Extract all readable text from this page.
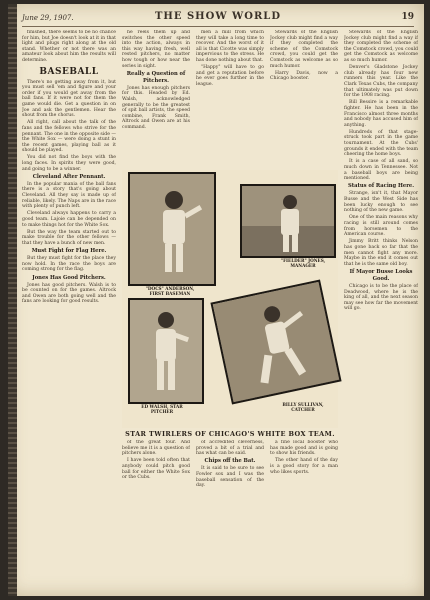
June 29, 1907.	THE SHOW WORLD	19

finished, there seems to be no chance for him, but Joe doesn't look at it in that light and plugs right along at the old stand. Whether or not there was an amateur look about him the results will determine.

BASEBALL

There's no getting away from it, but you must sell 'em and figure and your order if you would get away from the ball fans. If it were not for them the game would die. Get a question in on Joe and ask the gentlemen. Hear the shout from the chorus.

All right, call about the talk of the fans and the fellows who strive for the pennant. The one in the opposite side — the White Sox — were doing a stunt in the recent games, playing ball as it should be played.

You did not find the boys with the long faces. In spirits they were good, and going to be a winner.

Cleveland After Pennant.

In the popular mania of the ball fans there is a story that's going about Cleveland. All they say is made up of reliable, likely. The Naps are in the race with plenty of punch left.

Cleveland always happens to carry a good team. Lajoie can be depended on to make things hot for the White Sox.

But the way the team started out to make trouble for the other fellows — that they have a bunch of new men.

Must Fight for Flag Here.

But they must fight for the place they now hold. In the race the boys are coming strong for the flag.

Jones Has Good Pitchers.

Jones has good pitchers. Walsh is to be counted on for the games. Altrock and Owen are both going well and the fans are looking for good results.

he reels them up and switches the other speed into the action, always in this way having fresh, well rested pitchers, no matter how tough or how near the series in sight.

Really a Question of Pitchers.

Jones has enough pitchers for this. Headed by Ed. Walsh, acknowledged generally to be the greatest of spit ball artists, the speed combine, Frank Smith, Altrock and Owen are at his command.

men a mill from which they will take a long time to recover. And the worst of it all is that Cicotte was simply impervious to the stress. He has done nothing about that.

"Happy" will have to go and get a reputation before he ever goes further in the league.

Stewards of the English Jockey club might find a way if they completed the scheme of the Comstock crowd, you could get the Comstock as welcome as so much humor.

Harry Davis, now a Chicago booster.

"DOCS" ANDERSON, FIRST BASEMAN
"FIELDER" JONES, MANAGER
ED WALSH, STAR PITCHER
BILLY SULLIVAN, CATCHER
STAR TWIRLERS OF CHICAGO'S WHITE BOX TEAM.

of the great four. And believe me it is a question of pitchers alone.

I have been told often that anybody could pitch good ball for either the White Sox or the Cubs.

of accredited cleverness, proved a bit of a trial and has what can be said.

Chips off the Bat.

It is said to be sure to see Fowler sox and I was the baseball sensation of the day.

a fine local booster who has made good and is going to show his friends.

The other hand of the day is a good story for a man who likes sports.

Stewards of the English Jockey club might find a way if they completed the scheme of the Comstock crowd, you could get the Comstock as welcome as so much humor.

Denver's Gladstone Jockey club already has four new runners this year. Like the Clark Texas Cubs, the company that ultimately was put down for the 1908 racing.

Bill Bessire is a remarkable fighter. He has been in the Francisco almost three months and nobody has accused him of anything.

Hundreds of that stage-struck took part in the game tournament. At the Cubs' grounds it ended with the team cheering the home boys.

It is a case of all sand, so much down in Tennessee. Not a baseball boys are being mentioned.

Status of Racing Here.

Strange, isn't it, that Mayor Busse and the West Side has been lucky enough to see nothing of the new game.

One of the main reasons why racing is still around comes from horsemen to the American course.

Jimmy Britt thinks Nelson has gone back so far that the men cannot fight any more. Maybe in the end it comes out that he is the same old boy.

If Mayor Busse Looks Good.

Chicago is to be the place of Deadwood, where he is the king of all, and the next season may see how far the movement will go.
